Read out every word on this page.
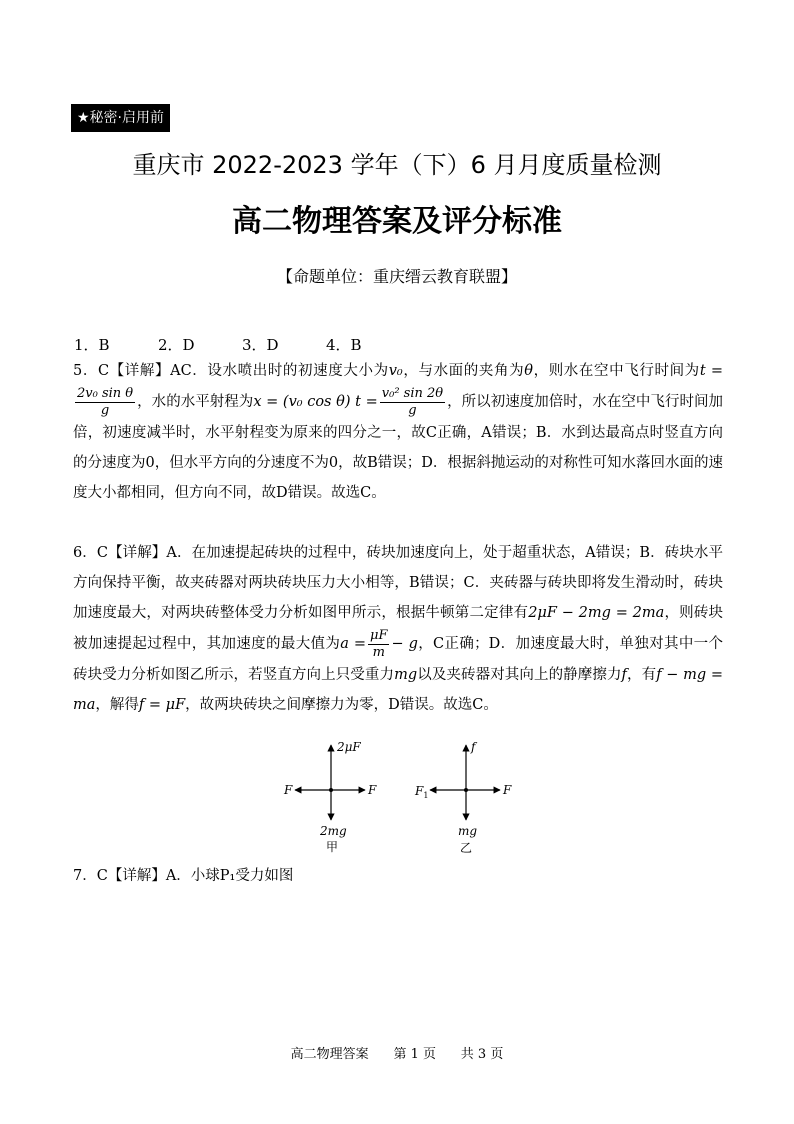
★秘密·启用前
重庆市 2022-2023 学年（下）6 月月度质量检测
高二物理答案及评分标准
【命题单位：重庆缙云教育联盟】
1．B	2．D	3．D	4．B
5．C【详解】AC．设水喷出时的初速度大小为v₀，与水面的夹角为θ，则水在空中飞行时间为t =
$\frac{\text{2v₀ sin θ}}{g}$ ，水的水平射程为x = (v₀ cos θ) $t = \frac{\text{v₀² sin 2θ}}{g}$ ，所以初速度加倍时，水在空中飞行时间加倍，初速度减半时，水平射程变为原来的四分之一，故C正确，A错误；B．水到达最高点时竖直方向的分速度为0，但水平方向的分速度不为0，故B错误；D．根据斜抛运动的对称性可知水落回水面的速度大小都相同，但方向不同，故D错误。故选C。
6．C【详解】A．在加速提起砖块的过程中，砖块加速度向上，处于超重状态，A错误；B．砖块水平方向保持平衡，故夹砖器对两块砖块压力大小相等，B错误；C．夹砖器与砖块即将发生滑动时，砖块加速度最大，对两块砖整体受力分析如图甲所示，根据牛顿第二定律有2μF − 2mg = 2ma，则砖块被加速提起过程中，其加速度的最大值为$a = \frac{\mu F}{m} - g$，C正确；D．加速度最大时，单独对其中一个砖块受力分析如图乙所示，若竖直方向上只受重力mg以及夹砖器对其向上的静摩擦力f，有f − mg = ma，解得f = μF，故两块砖块之间摩擦力为零，D错误。故选C。
2μF
F	F
2mg
甲
f
$F_1$	F
mg
乙
7．C【详解】A．小球P₁受力如图
高二物理答案      第 1 页      共 3 页
